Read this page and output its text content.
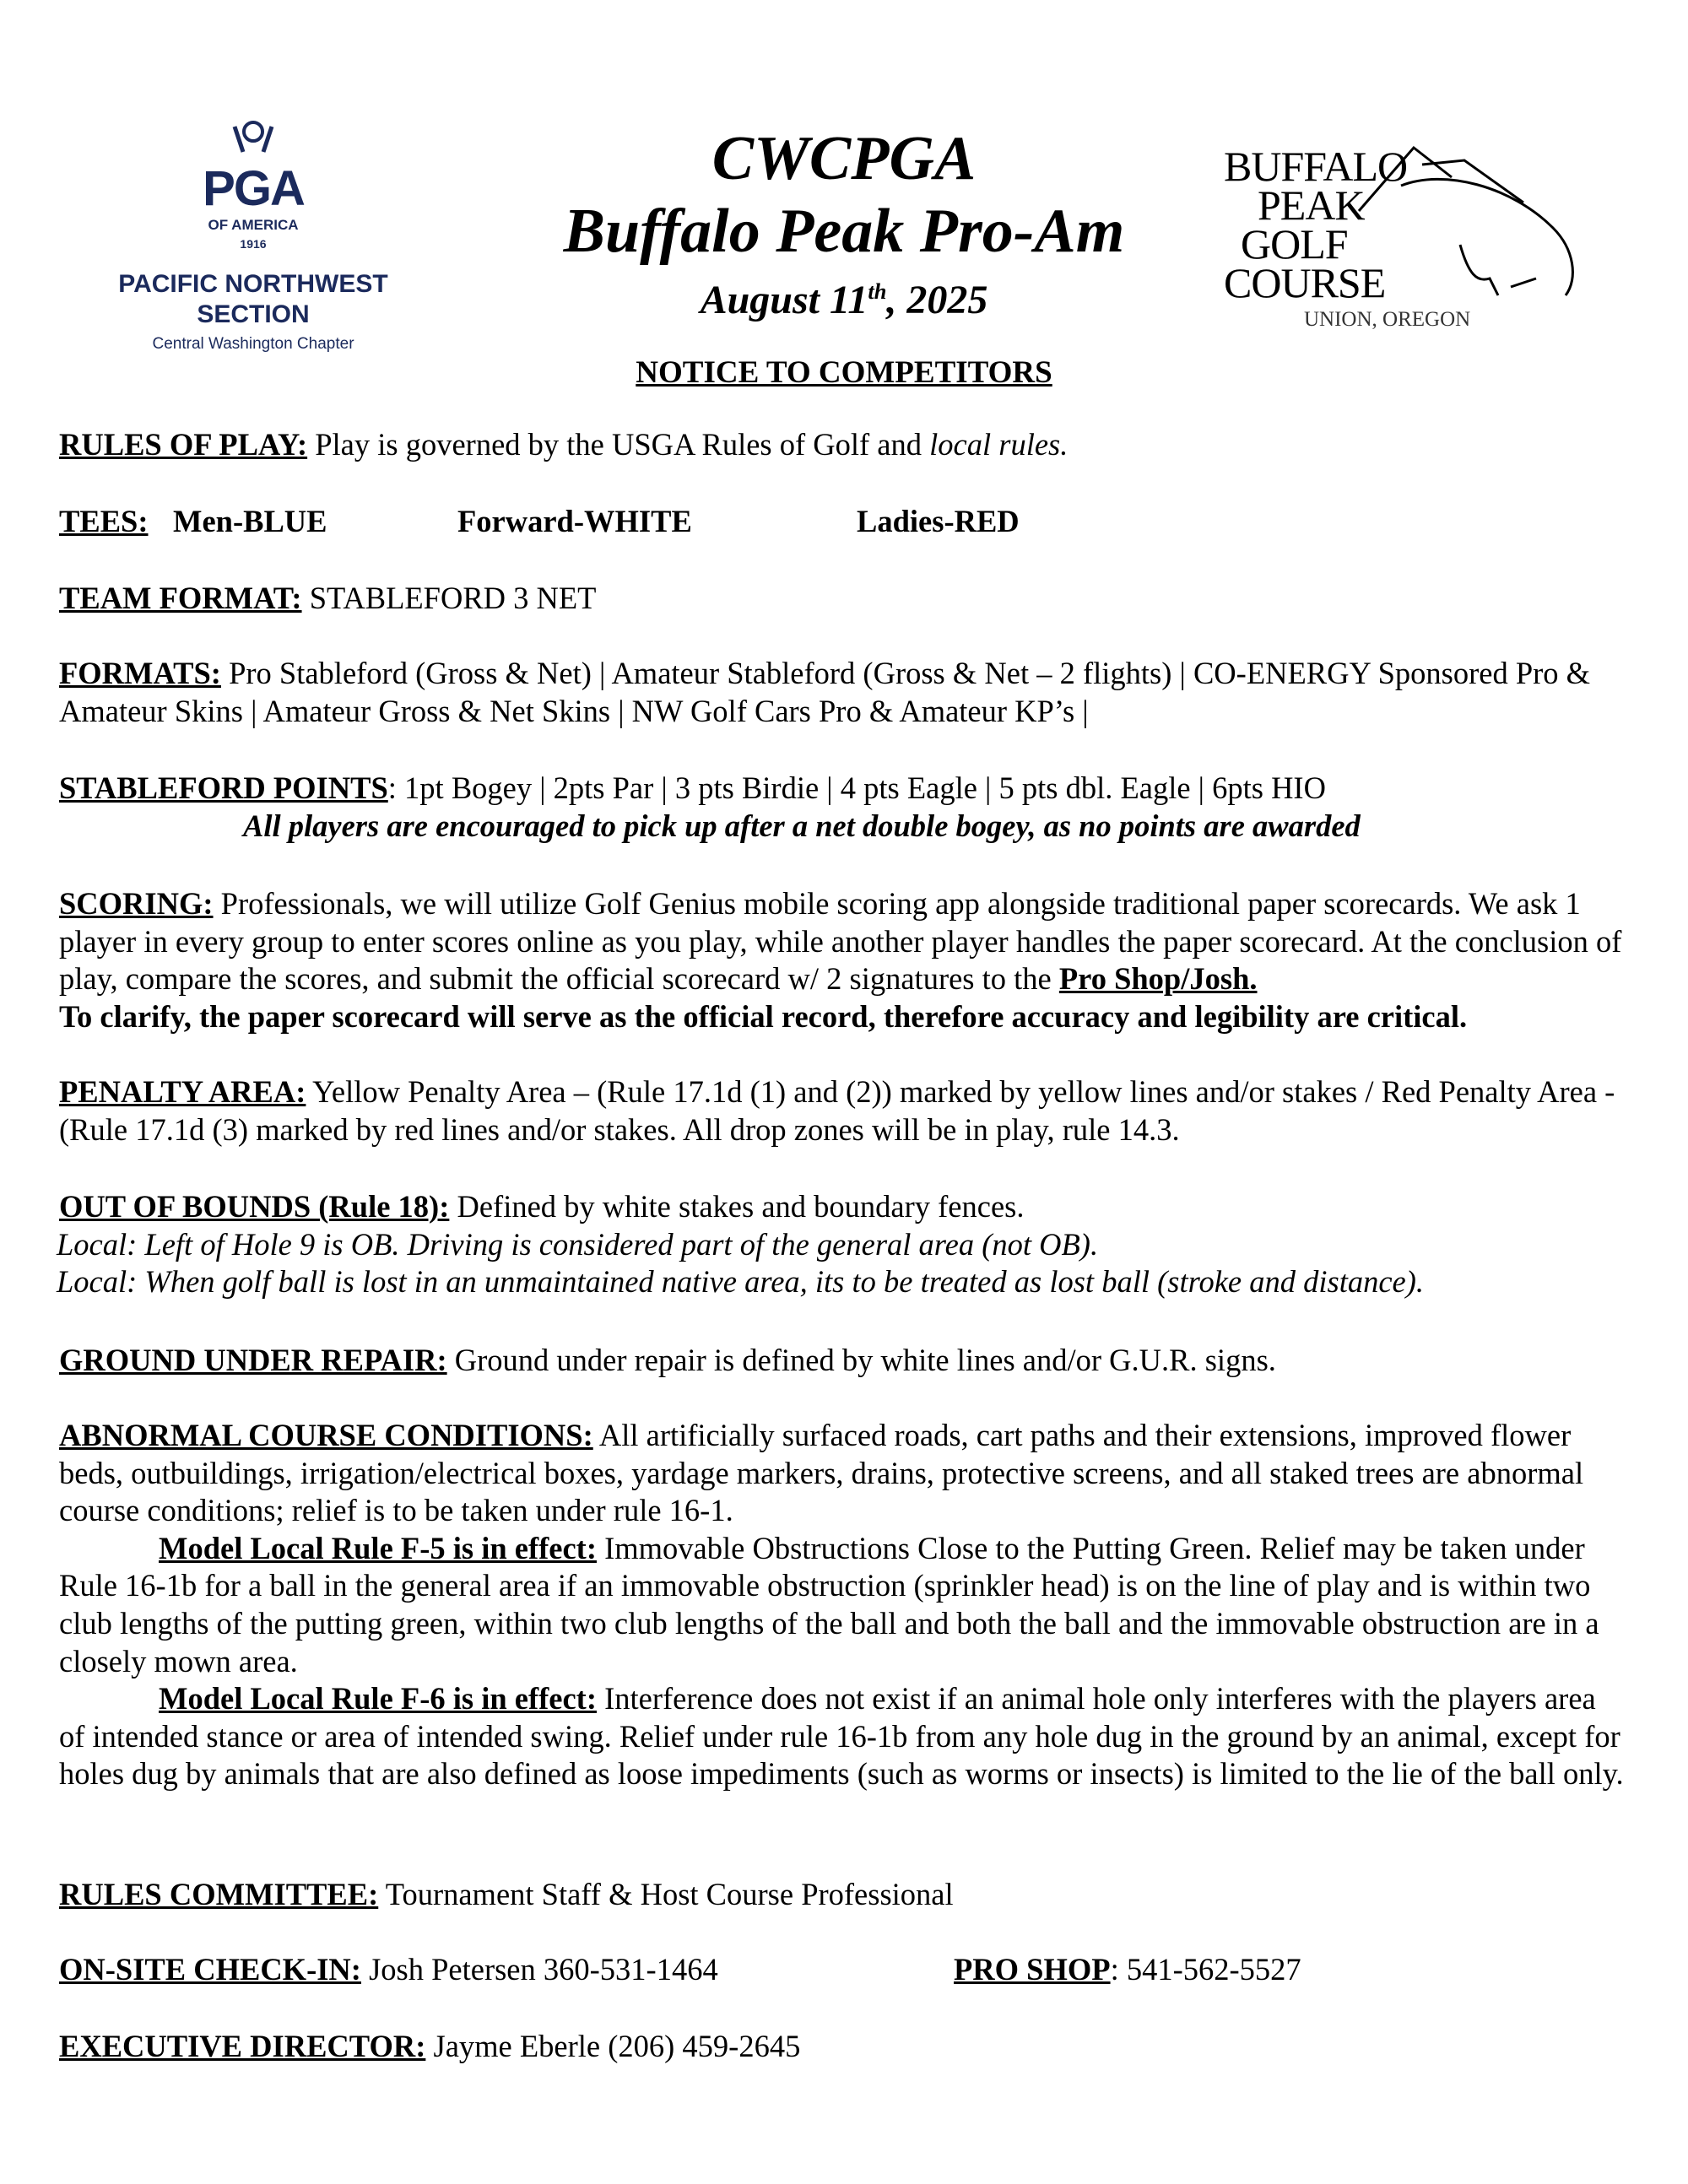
PGA
OF AMERICA
1916
PACIFIC NORTHWEST
SECTION
Central Washington Chapter
CWCPGA
Buffalo Peak Pro-Am
August 11th, 2025
NOTICE TO COMPETITORS
BUFFALO
PEAK
GOLF
COURSE
UNION, OREGON
RULES OF PLAY: Play is governed by the USGA Rules of Golf and local rules.
TEES: Men-BLUE	Forward-WHITE	Ladies-RED
TEAM FORMAT: STABLEFORD 3 NET
FORMATS: Pro Stableford (Gross & Net) | Amateur Stableford (Gross & Net – 2 flights) | CO-ENERGY Sponsored Pro & Amateur Skins | Amateur Gross & Net Skins | NW Golf Cars Pro & Amateur KP’s |
STABLEFORD POINTS: 1pt Bogey | 2pts Par | 3 pts Birdie | 4 pts Eagle | 5 pts dbl. Eagle | 6pts HIO
All players are encouraged to pick up after a net double bogey, as no points are awarded
SCORING: Professionals, we will utilize Golf Genius mobile scoring app alongside traditional paper scorecards. We ask 1 player in every group to enter scores online as you play, while another player handles the paper scorecard. At the conclusion of play, compare the scores, and submit the official scorecard w/ 2 signatures to the Pro Shop/Josh.
To clarify, the paper scorecard will serve as the official record, therefore accuracy and legibility are critical.
PENALTY AREA: Yellow Penalty Area – (Rule 17.1d (1) and (2)) marked by yellow lines and/or stakes / Red Penalty Area - (Rule 17.1d (3) marked by red lines and/or stakes. All drop zones will be in play, rule 14.3.
OUT OF BOUNDS (Rule 18): Defined by white stakes and boundary fences.
Local: Left of Hole 9 is OB. Driving is considered part of the general area (not OB).
Local: When golf ball is lost in an unmaintained native area, its to be treated as lost ball (stroke and distance).
GROUND UNDER REPAIR: Ground under repair is defined by white lines and/or G.U.R. signs.
ABNORMAL COURSE CONDITIONS: All artificially surfaced roads, cart paths and their extensions, improved flower beds, outbuildings, irrigation/electrical boxes, yardage markers, drains, protective screens, and all staked trees are abnormal course conditions; relief is to be taken under rule 16-1.
Model Local Rule F-5 is in effect: Immovable Obstructions Close to the Putting Green. Relief may be taken under Rule 16-1b for a ball in the general area if an immovable obstruction (sprinkler head) is on the line of play and is within two club lengths of the putting green, within two club lengths of the ball and both the ball and the immovable obstruction are in a closely mown area.
Model Local Rule F-6 is in effect: Interference does not exist if an animal hole only interferes with the players area of intended stance or area of intended swing. Relief under rule 16-1b from any hole dug in the ground by an animal, except for holes dug by animals that are also defined as loose impediments (such as worms or insects) is limited to the lie of the ball only.
RULES COMMITTEE: Tournament Staff & Host Course Professional
ON-SITE CHECK-IN: Josh Petersen 360-531-1464	PRO SHOP: 541-562-5527
EXECUTIVE DIRECTOR: Jayme Eberle (206) 459-2645
